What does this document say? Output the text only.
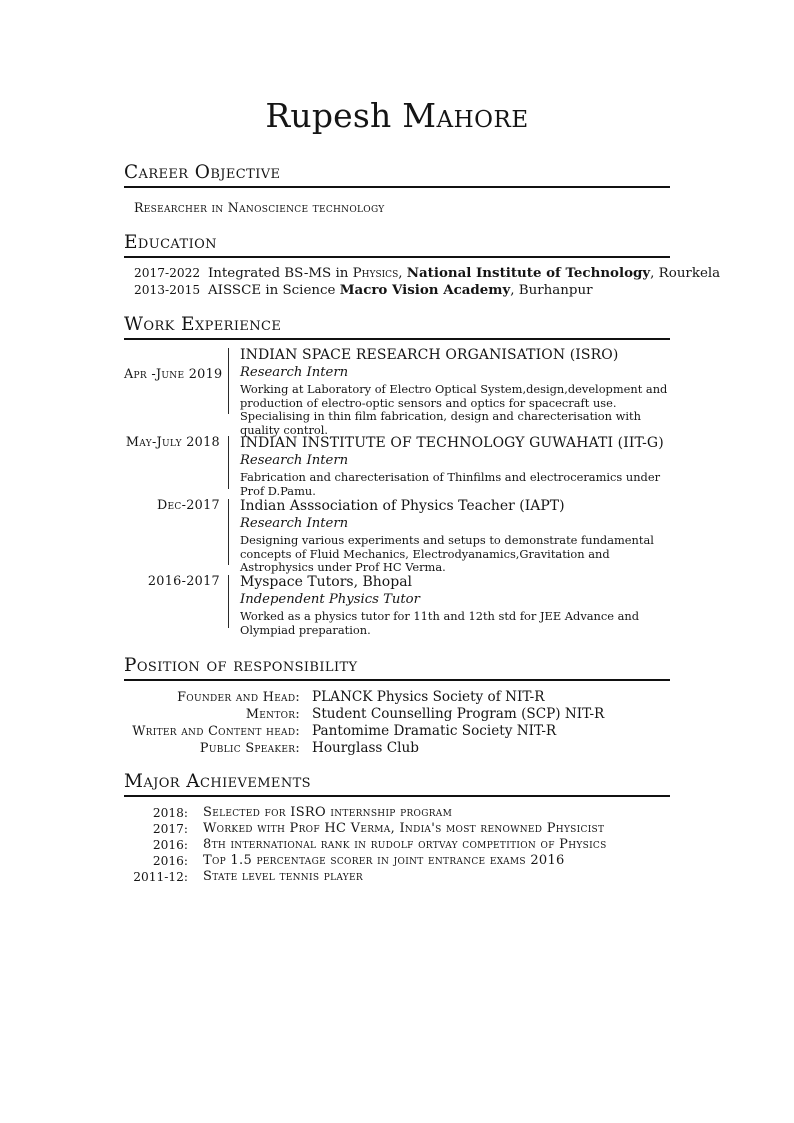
Rupesh Mahore
Career Objective
Researcher in Nanoscience technology
Education
2017-2022 Integrated BS-MS in Physics, National Institute of Technology, Rourkela
2013-2015 AISSCE in Science Macro Vision Academy, Burhanpur
Work Experience
Apr -June 2019
INDIAN SPACE RESEARCH ORGANISATION (ISRO)
Research Intern
Working at Laboratory of Electro Optical System,design,development and production of electro-optic sensors and optics for spacecraft use. Specialising in thin film fabrication, design and charecterisation with quality control.
May-July 2018 INDIAN INSTITUTE OF TECHNOLOGY GUWAHATI (IIT-G)
Research Intern
Fabrication and charecterisation of Thinfilms and electroceramics under Prof D.Pamu.
Dec-2017 Indian Asssociation of Physics Teacher (IAPT)
Research Intern
Designing various experiments and setups to demonstrate fundamental concepts of Fluid Mechanics, Electrodyanamics,Gravitation and Astrophysics under Prof HC Verma.
2016-2017 Myspace Tutors, Bhopal
Independent Physics Tutor
Worked as a physics tutor for 11th and 12th std for JEE Advance and Olympiad preparation.
Position of responsibility
Founder and Head: PLANCK Physics Society of NIT-R
Mentor: Student Counselling Program (SCP) NIT-R
Writer and Content head: Pantomime Dramatic Society NIT-R
Public Speaker: Hourglass Club
Major Achievements
2018: Selected for ISRO internship program
2017: Worked with Prof HC Verma, India's most renowned Physicist
2016: 8th international rank in rudolf ortvay competition of Physics
2016: Top 1.5 percentage scorer in joint entrance exams 2016
2011-12: State level tennis player
